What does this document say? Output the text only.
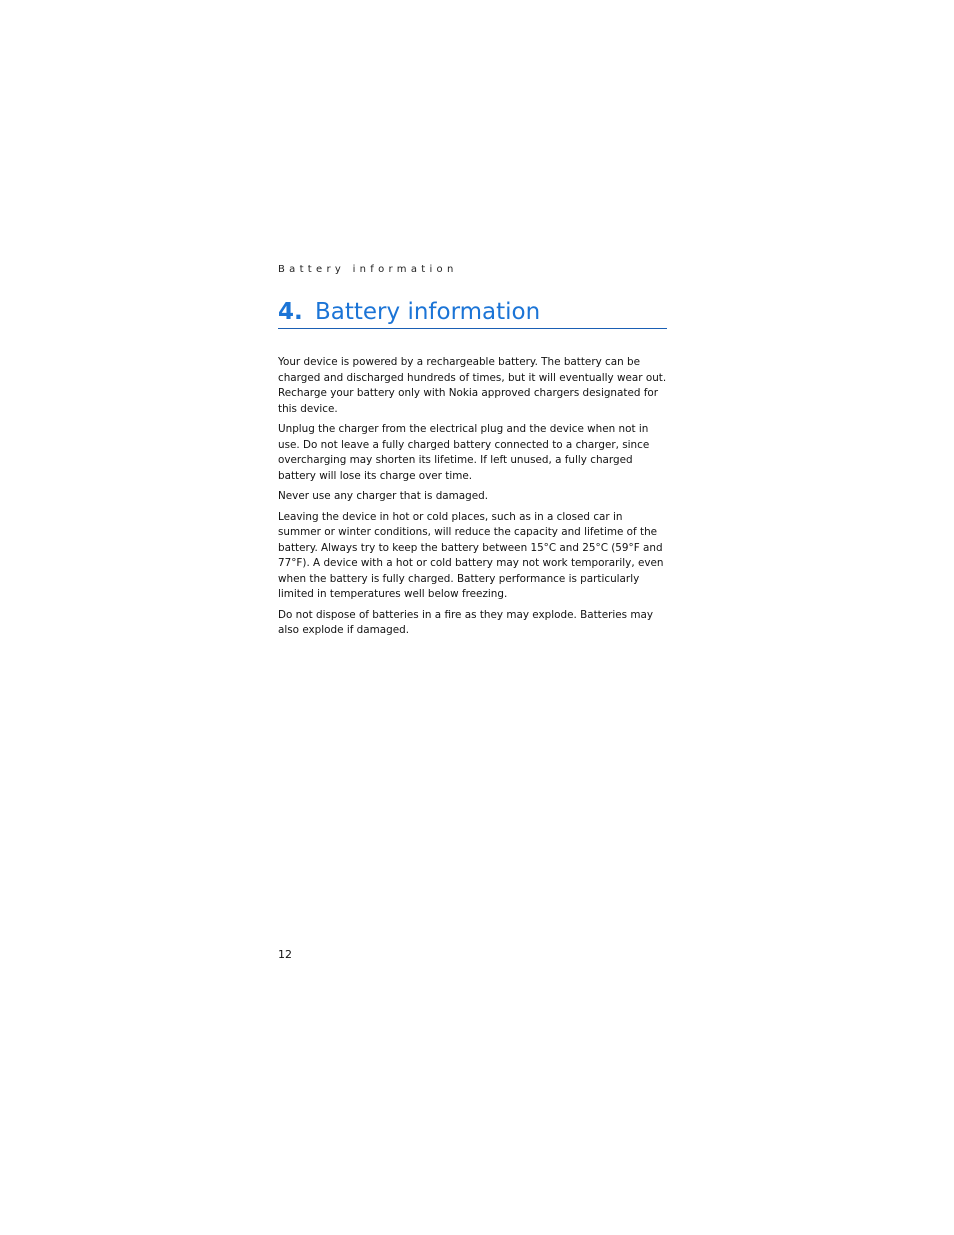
Battery information
4. Battery information

Your device is powered by a rechargeable battery. The battery can be charged and discharged hundreds of times, but it will eventually wear out. Recharge your battery only with Nokia approved chargers designated for this device.

Unplug the charger from the electrical plug and the device when not in use. Do not leave a fully charged battery connected to a charger, since overcharging may shorten its lifetime. If left unused, a fully charged battery will lose its charge over time.

Never use any charger that is damaged.

Leaving the device in hot or cold places, such as in a closed car in summer or winter conditions, will reduce the capacity and lifetime of the battery. Always try to keep the battery between 15°C and 25°C (59°F and 77°F). A device with a hot or cold battery may not work temporarily, even when the battery is fully charged. Battery performance is particularly limited in temperatures well below freezing.

Do not dispose of batteries in a fire as they may explode. Batteries may also explode if damaged.

12
